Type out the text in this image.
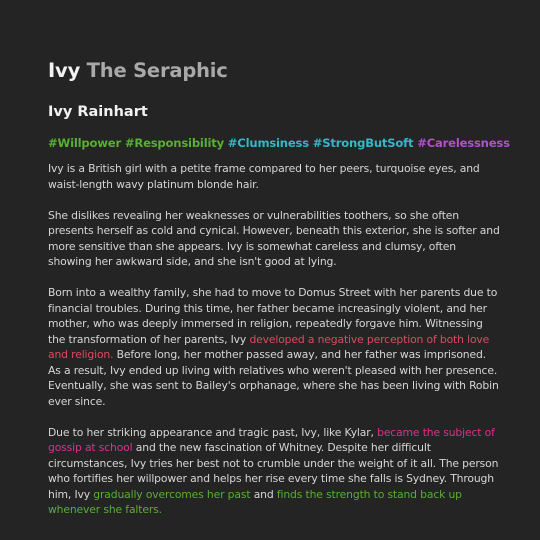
Ivy The Seraphic
Ivy Rainhart
#Willpower #Responsibility #Clumsiness #StrongButSoft #Carelessness

Ivy is a British girl with a petite frame compared to her peers, turquoise eyes, and waist-length wavy platinum blonde hair.

She dislikes revealing her weaknesses or vulnerabilities toothers, so she often presents herself as cold and cynical. However, beneath this exterior, she is softer and more sensitive than she appears. Ivy is somewhat careless and clumsy, often showing her awkward side, and she isn't good at lying.

Born into a wealthy family, she had to move to Domus Street with her parents due to financial troubles. During this time, her father became increasingly violent, and her mother, who was deeply immersed in religion, repeatedly forgave him. Witnessing the transformation of her parents, Ivy developed a negative perception of both love and religion. Before long, her mother passed away, and her father was imprisoned. As a result, Ivy ended up living with relatives who weren't pleased with her presence. Eventually, she was sent to Bailey's orphanage, where she has been living with Robin ever since.

Due to her striking appearance and tragic past, Ivy, like Kylar, became the subject of gossip at school and the new fascination of Whitney. Despite her difficult circumstances, Ivy tries her best not to crumble under the weight of it all. The person who fortifies her willpower and helps her rise every time she falls is Sydney. Through him, Ivy gradually overcomes her past and finds the strength to stand back up whenever she falters.
